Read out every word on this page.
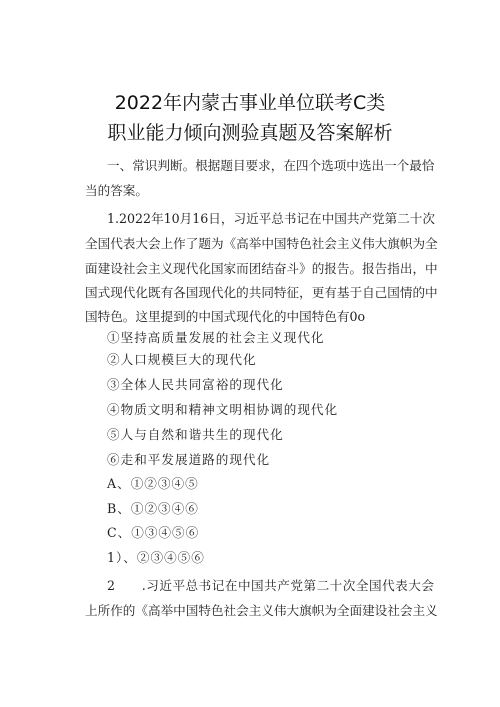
2022年内蒙古事业单位联考C类
职业能力倾向测验真题及答案解析
一、常识判断。根据题目要求，在四个选项中选出一个最恰
当的答案。
1.2022年10月16日，习近平总书记在中国共产党第二十次
全国代表大会上作了题为《高举中国特色社会主义伟大旗帜为全
面建设社会主义现代化国家而团结奋斗》的报告。报告指出，中
国式现代化既有各国现代化的共同特征，更有基于自己国情的中
国特色。这里提到的中国式现代化的中国特色有0o
①坚持高质量发展的社会主义现代化
②人口规模巨大的现代化
③全体人民共同富裕的现代化
④物质文明和精神文明相协调的现代化
⑤人与自然和谐共生的现代化
⑥走和平发展道路的现代化
A、①②③④⑤
B、①②③④⑥
C、①③④⑤⑥
1）、②③④⑤⑥
2　　.习近平总书记在中国共产党第二十次全国代表大会
上所作的《高举中国特色社会主义伟大旗帜为全面建设社会主义
